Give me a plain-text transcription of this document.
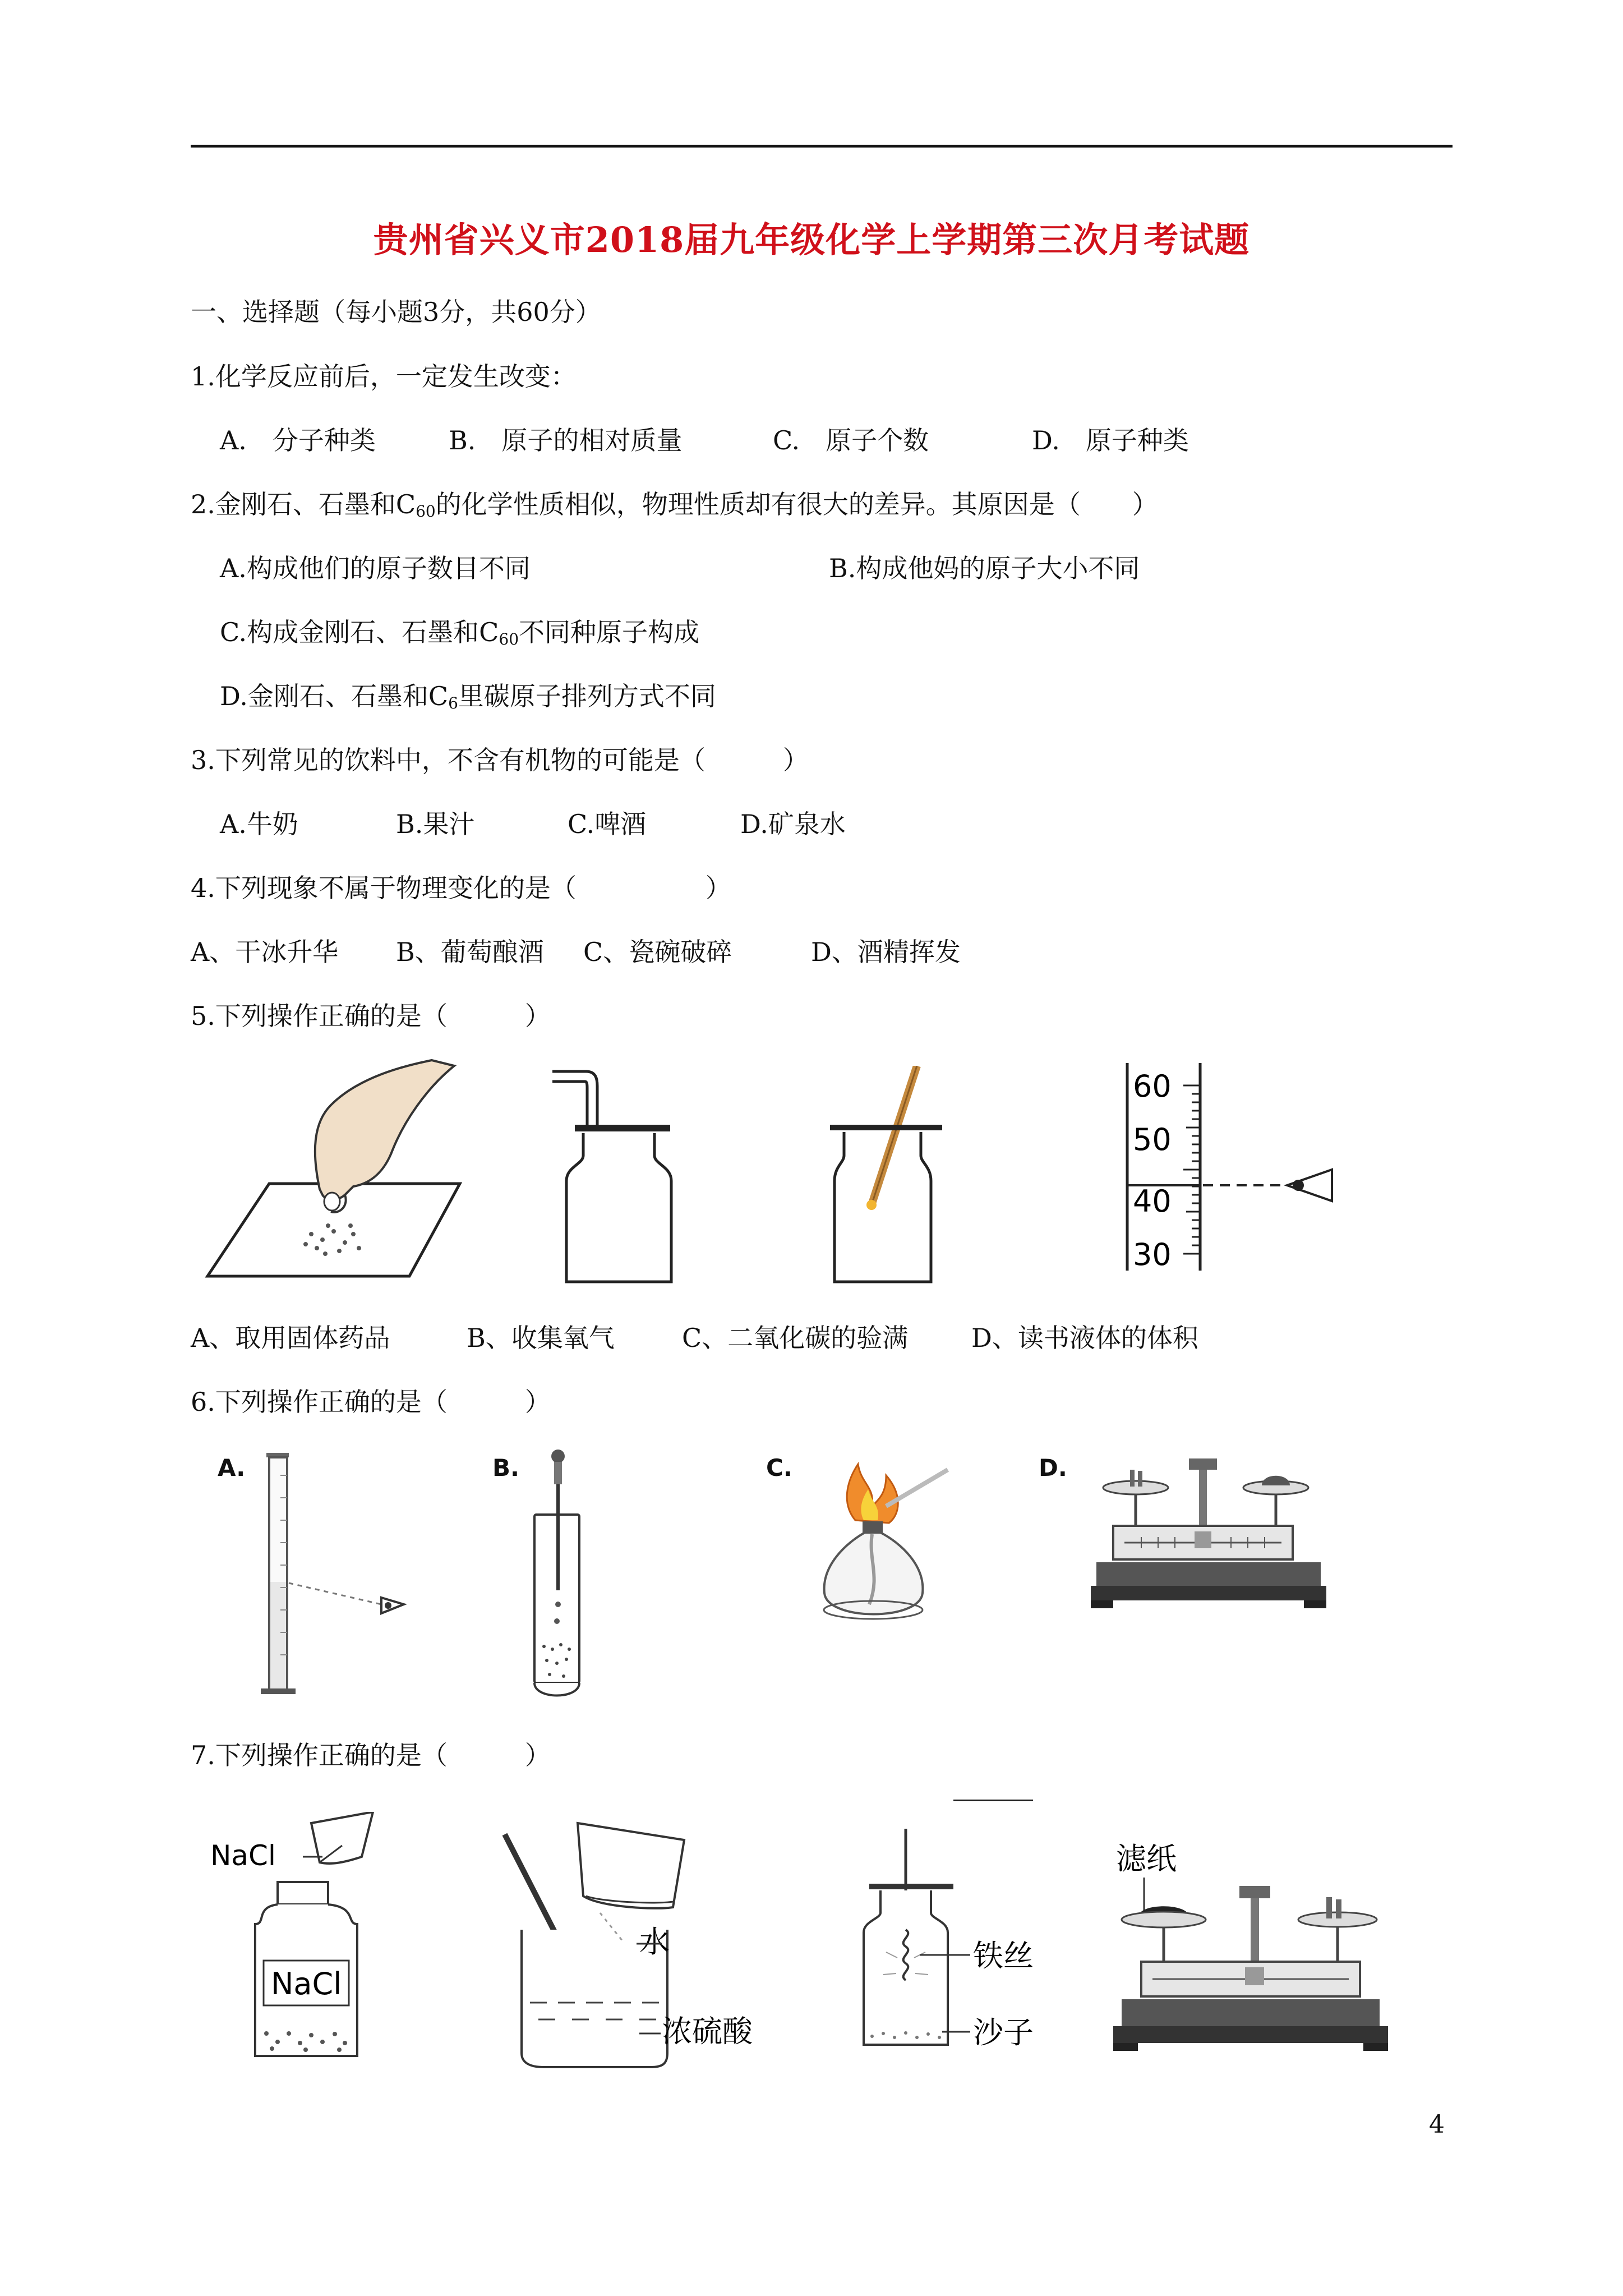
贵州省兴义市2018届九年级化学上学期第三次月考试题
一、选择题（每小题3分，共60分）
1.化学反应前后，一定发生改变：
A.　分子种类	B.　原子的相对质量	C.　原子个数	D.　原子种类
2.金刚石、石墨和$C_{60}$的化学性质相似，物理性质却有很大的差异。其原因是（　　）
A.构成他们的原子数目不同	B.构成他妈的原子大小不同
C.构成金刚石、石墨和$C_{60}$不同种原子构成
D.金刚石、石墨和$C_6$里碳原子排列方式不同
3.下列常见的饮料中，不含有机物的可能是（　　　）
A.牛奶	B.果汁	C.啤酒	D.矿泉水
4.下列现象不属于物理变化的是（　　　　　）
A、干冰升华 B、葡萄酿酒 C、瓷碗破碎	D、酒精挥发
5.下列操作正确的是（　　　）
60
50
40
30
A、取用固体药品	B、收集氧气	C、二氧化碳的验满 D、读书液体的体积
6.下列操作正确的是（　　　）
A.	B.	C.	D.
7.下列操作正确的是（　　　）
NaCl
NaCl
水
浓硫酸
铁丝
沙子
滤纸
4
